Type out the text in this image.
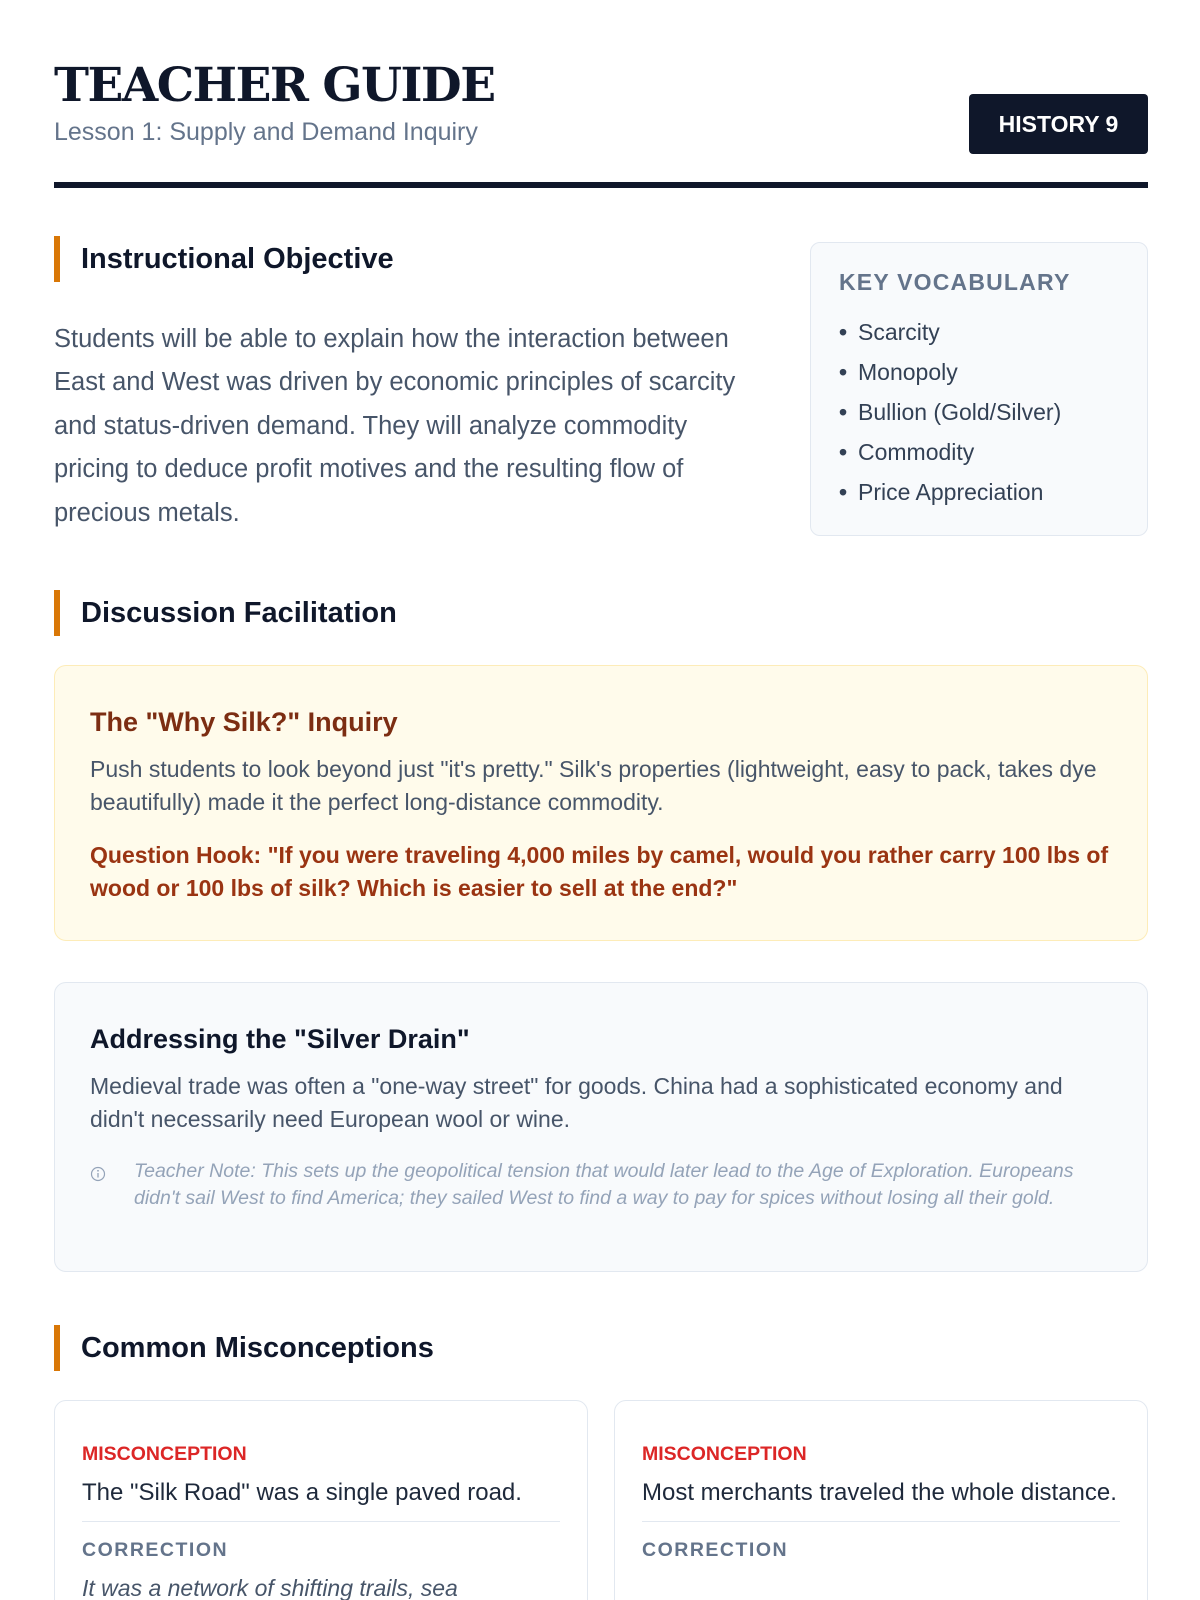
TEACHER GUIDE
Lesson 1: Supply and Demand Inquiry	HISTORY 9
Instructional Objective

Students will be able to explain how the interaction between East and West was driven by economic principles of scarcity and status-driven demand. They will analyze commodity pricing to deduce profit motives and the resulting flow of precious metals.

KEY VOCABULARY
• Scarcity
• Monopoly
• Bullion (Gold/Silver)
• Commodity
• Price Appreciation
Discussion Facilitation
The "Why Silk?" Inquiry

Push students to look beyond just "it's pretty." Silk's properties (lightweight, easy to pack, takes dye beautifully) made it the perfect long-distance commodity.

Question Hook: "If you were traveling 4,000 miles by camel, would you rather carry 100 lbs of wood or 100 lbs of silk? Which is easier to sell at the end?"

Addressing the "Silver Drain"

Medieval trade was often a "one-way street" for goods. China had a sophisticated economy and didn't necessarily need European wool or wine.

Teacher Note: This sets up the geopolitical tension that would later lead to the Age of Exploration. Europeans didn't sail West to find America; they sailed West to find a way to pay for spices without losing all their gold.

Common Misconceptions
MISCONCEPTION

The "Silk Road" was a single paved road.

CORRECTION

It was a network of shifting trails, sea

MISCONCEPTION

Most merchants traveled the whole distance.

CORRECTION
